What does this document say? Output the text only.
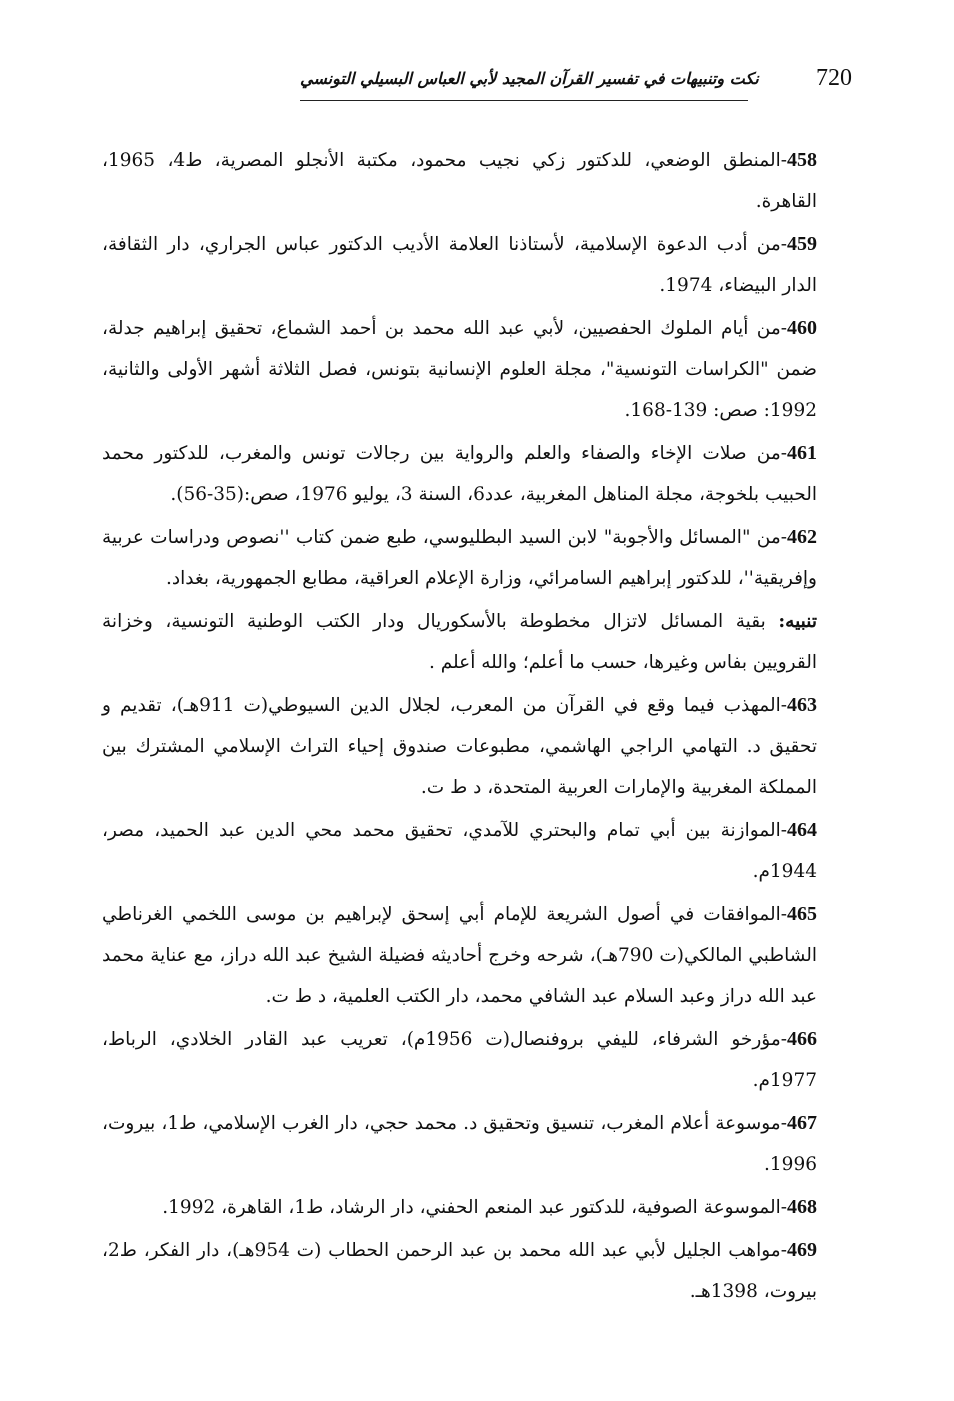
نكت وتنبيهات في تفسير القرآن المجيد لأبي العباس البسيلي التونسي 720

458-المنطق الوضعي، للدكتور زكي نجيب محمود، مكتبة الأنجلو المصرية، ط4، 1965، القاهرة.

459-من أدب الدعوة الإسلامية، لأستاذنا العلامة الأديب الدكتور عباس الجراري، دار الثقافة، الدار البيضاء، 1974.

460-من أيام الملوك الحفصيين، لأبي عبد الله محمد بن أحمد الشماع، تحقيق إبراهيم جدلة، ضمن "الكراسات التونسية"، مجلة العلوم الإنسانية بتونس، فصل الثلاثة أشهر الأولى والثانية، 1992: صص: 139-168.

461-من صلات الإخاء والصفاء والعلم والرواية بين رجالات تونس والمغرب، للدكتور محمد الحبيب بلخوجة، مجلة المناهل المغربية، عدد6، السنة 3، يوليو 1976، صص:(35-56).

462-من "المسائل والأجوبة" لابن السيد البطليوسي، طبع ضمن كتاب ''نصوص ودراسات عربية وإفريقية''، للدكتور إبراهيم السامرائي، وزارة الإعلام العراقية، مطابع الجمهورية، بغداد.

تنبيه: بقية المسائل لاتزال مخطوطة بالأسكوريال ودار الكتب الوطنية التونسية، وخزانة القرويين بفاس وغيرها، حسب ما أعلم؛ والله أعلم .

463-المهذب فيما وقع في القرآن من المعرب، لجلال الدين السيوطي(ت 911هـ)، تقديم و تحقيق د. التهامي الراجي الهاشمي، مطبوعات صندوق إحياء التراث الإسلامي المشترك بين المملكة المغربية والإمارات العربية المتحدة، د ط ت.

464-الموازنة بين أبي تمام والبحتري للآمدي، تحقيق محمد محي الدين عبد الحميد، مصر، 1944م.

465-الموافقات في أصول الشريعة للإمام أبي إسحق لإبراهيم بن موسى اللخمي الغرناطي الشاطبي المالكي(ت 790هـ)، شرحه وخرج أحاديثه فضيلة الشيخ عبد الله دراز، مع عناية محمد عبد الله دراز وعبد السلام عبد الشافي محمد، دار الكتب العلمية، د ط ت.

466-مؤرخو الشرفاء، لليفي بروفنصال(ت 1956م)، تعريب عبد القادر الخلادي، الرباط، 1977م.

467-موسوعة أعلام المغرب، تنسيق وتحقيق د. محمد حجي، دار الغرب الإسلامي، ط1، بيروت، 1996.

468-الموسوعة الصوفية، للدكتور عبد المنعم الحفني، دار الرشاد، ط1، القاهرة، 1992.

469-مواهب الجليل لأبي عبد الله محمد بن عبد الرحمن الحطاب (ت 954هـ)، دار الفكر، ط2، بيروت، 1398هـ.
